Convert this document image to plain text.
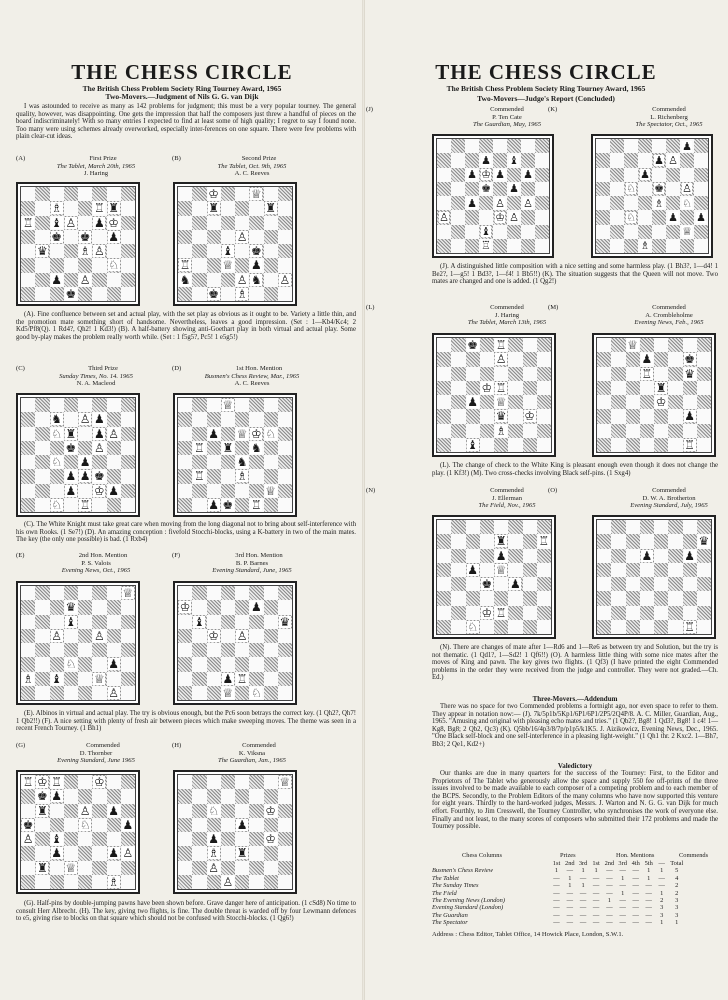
THE CHESS CIRCLE
The British Chess Problem Society Ring Tourney Award, 1965
Two-Movers.—Judgment of Nils G. G. van Dijk

I was astounded to receive as many as 142 problems for judgment; this must be a very popular tourney. The general quality, however, was disappointing. One gets the impression that half the composers just threw a handful of pieces on the board indiscriminately! With so many entries I expected to find at least some of high quality; I regret to say I found none. Too many were using schemes already overworked, especially inter-ferences on one square. There were few problems with plain clear-cut ideas.

(A)	First Prize
The Tablet, March 20th, 1965
J. Haring
(B)	Second Prize
The Tablet, Oct. 9th, 1965
A. C. Reeves
♗	♖ ♜
♖ ♝ ♙ ♟ ♔
♚ ♚ ♟
♛	♗ ♙
♘
♟ ♙
♚
♔	♕
♜	♜
♙
♝ ♚
♖	♕ ♟
♞	♙ ♞ ♙
♚ ♗

(A). Fine confluence between set and actual play, with the set play as obvious as it ought to be. Variety a little thin, and the promotion mate something short of handsome. Nevertheless, leaves a good impression. (Set : 1—Kb4/Kc4; 2 Kd5/Pf8(Q). 1 Rd4?, Qh2! 1 Kd3!) (B). A half-battery showing anti-Goethart play in both virtual and actual play. Some good by-play makes the problem really worth while. (Set : 1 f5g5?, Pc5! 1 e5g5!)

(C)	Third Prize
Sunday Times, No. 14. 1965
N. A. Macleod
(D)	1st Hon. Mention
Busmen's Chess Review, Mar., 1965
A. C. Reeves
♞ ♙ ♟
♘ ♜ ♟ ♙
♚ ♙
♘ ♟
♟ ♟ ♚
♟ ♔ ♟
♘ ♖
♕
♟ ♕ ♔ ♘
♖ ♜ ♞
♞
♖	♗
♕
♟ ♚ ♖

(C). The White Knight must take great care when moving from the long diagonal not to bring about self-interference with his own Rooks. (1 Se7!) (D). An amazing conception : fivefold Stocchi-blocks, using a K-battery in two of the main mates. The key (the only one possible) is bad. (1 Rxb4)

(E)	2nd Hon. Mention
P. S. Valois
Evening News, Oct., 1965
(F)	3rd Hon. Mention
B. P. Barnes
Evening Standard, June, 1965
♕
♛
♝
♙	♙
♘	♟
♗ ♝	♕
♙
♔	♟
♝	♛
♔ ♙
♟ ♖
♕ ♘

(E). Albinos in virtual and actual play. The try is obvious enough, but the Pc6 soon betrays the correct key. (1 Qh2?, Qh7! 1 Qb2!!) (F). A nice setting with plenty of fresh air between pieces which make sweeping moves. The theme was seen in a recent French Tourney. (1 Bh1)

(G)	Commended
D. Thornber
Evening Standard, June 1965
(H)	Commended
K. Viksna
The Guardian, Jan., 1965
♖ ♔ ♖	♔
♚ ♟
♜	♙ ♟
♚	♘	♟
♙ ♝
♟	♟ ♙
♜ ♕
♗
♕
♘	♔
♟
♟	♔
♗ ♜
♙
♙

(G). Half-pins by double-jumping pawns have been shown before. Grave danger here of anticipation. (1 cSd8) No time to consult Herr Albrecht. (H). The key, giving two flights, is fine. The double threat is warded off by four Lewmann defences to e5, giving rise to blocks on that square which should not be confused with Stocchi-blocks. (1 Qg6!)

THE CHESS CIRCLE
The British Chess Problem Society Ring Tourney Award, 1965
Two-Movers—Judge's Report (Concluded)
(J)	Commended
P. Ten Cate
The Guardian, May, 1965
(K)	Commended
L. Richenberg
The Spectator, Oct., 1965
♟ ♝
♟ ♔ ♟ ♟
♚ ♟
♟ ♙ ♙
♙	♔ ♙
♝
♖
♟
♟ ♙
♟
♘ ♚ ♙
♗ ♘
♘	♟ ♟
♕
♗

(J). A distinguished little composition with a nice setting and some harmless play. (1 Bh3?, 1—d4! 1 Be2?, 1—g5! 1 Bd3?, 1—f4! 1 Bb5!!) (K). The situation suggests that the Queen will not move. Two mates are changed and one is added. (1 Qg2!)

(L)	Commended
J. Haring
The Tablet, March 13th, 1965
(M)	Commended
A. Crombleholme
Evening News, Feb., 1965
♚ ♖
♙
♔ ♖
♟ ♕
♛ ♔
♗
♝
♕
♟	♚
♖	♛
♜
♔
♟
♖

(L). The change of check to the White King is pleasant enough even though it does not change the play. (1 Kf3!) (M). Two cross-checks involving Black self-pins. (1 Sxg4)

(N)	Commended
J. Ellerman
The Field, Nov., 1965
(O)	Commended
D. W. A. Brotherton
Evening Standard, July, 1965
♜	♖
♟
♟ ♕
♚ ♟
♔ ♖
♘
♛
♟	♟
♖

(N). There are changes of mate after 1—Rd6 and 1—Re6 as between try and Solution, but the try is not thematic. (1 Qd1?, 1—Sd2! 1 Qf6!!) (O). A harmless little thing with some nice mates after the moves of King and pawn. The key gives two flights. (1 Qf3) (I have printed the eight Commended problems in the order they were received from the judge and controller. They were not graded.—Ch. Ed.)

Three-Movers.—Addendum

There was no space for two Commended problems a fortnight ago, nor even space to refer to them. They appear in notation now:— (J). 7k/5p1b/5Kp1/6P1/6P1/2P5/2Q4P/8. A. C. Miller, Guardian, Aug., 1965. "Amusing and original with pleasing echo mates and tries." (1 Qb2?, Bg8! 1 Qd3?, Bg8! 1 c4! 1—Kg8, Bg8; 2 Qb2, Qc3) (K). Q5bb/16/4p3/8/7p/p1p5/k1K5. J. Aizikowicz, Evening News, Dec., 1965. "One Black self-block and one self-interference in a pleasing light-weight." (1 Qh1 thr. 2 Kxc2. 1—Bh7, Bb3; 2 Qe1, Kd2+)

Valedictory

Our thanks are due in many quarters for the success of the Tourney: First, to the Editor and Proprietors of The Tablet who generously allow the space and supply 550 fee off-prints of the three issues involved to be made available to each composer of a competing problem and to each member of the BCPS. Secondly, to the Problem Editors of the many columns who have now supported this venture for eight years. Thirdly to the hard-worked judges, Messrs. J. Warton and N. G. G. van Dijk for much effort. Fourthly, to Jim Cresswell, the Tourney Controller, who synchronises the work of everyone else. Finally and not least, to the many scores of composers who submitted their 172 problems and made the Tourney possible.

Chess Columns	Prizes	Hon. Mentions	Commends
	1st	2nd	3rd	1st	2nd	3rd	4th	5th	—	Total
Busmen's Chess Review	1	—	1	1	—	—	—	1	1	5
The Tablet	—	1	—	—	—	1	—	1	—	4
The Sunday Times	—	1	1	—	—	—	—	—	—	2
The Field	—	—	—	—	—	1	—	—	1	2
The Evening News (London)	—	—	—	—	1	—	—	—	2	3
Evening Standard (London)	—	—	—	—	—	—	—	—	3	3
The Guardian	—	—	—	—	—	—	—	—	3	3
The Spectator	—	—	—	—	—	—	—	—	1	1
Address : Chess Editor, Tablet Office, 14 Howick Place, London, S.W.1.
